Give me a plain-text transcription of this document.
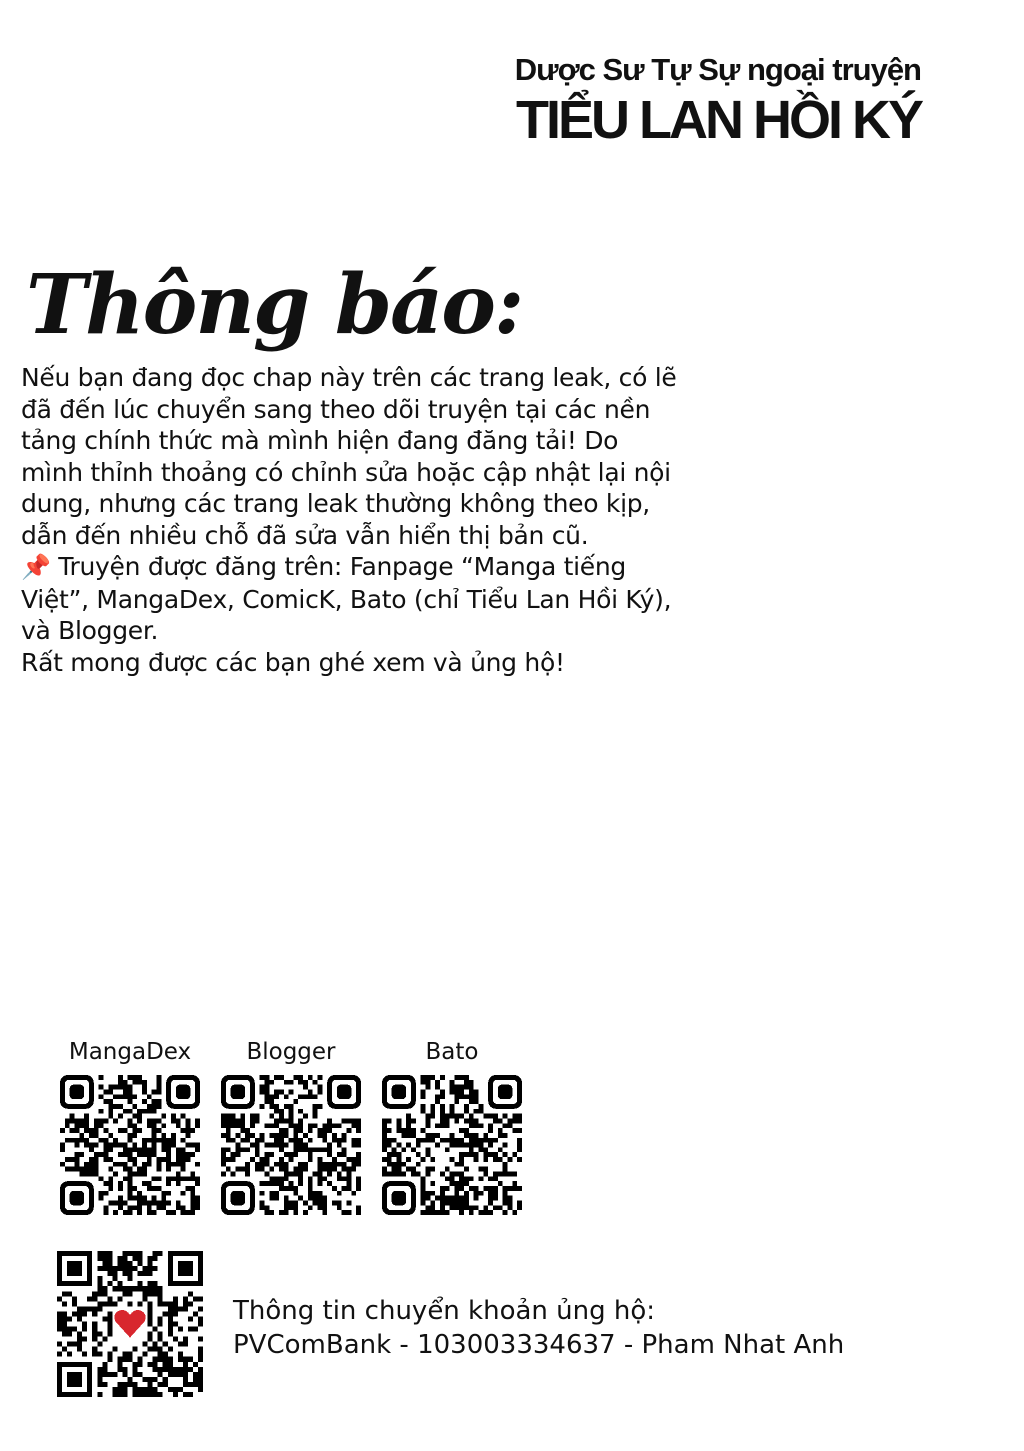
Dược Sư Tự Sự ngoại truyện
TIỂU LAN HỒI KÝ
Thông báo:

Nếu bạn đang đọc chap này trên các trang leak, có lẽ đã đến lúc chuyển sang theo dõi truyện tại các nền tảng chính thức mà mình hiện đang đăng tải! Do mình thỉnh thoảng có chỉnh sửa hoặc cập nhật lại nội dung, nhưng các trang leak thường không theo kịp, dẫn đến nhiều chỗ đã sửa vẫn hiển thị bản cũ.

📌 Truyện được đăng trên: Fanpage “Manga tiếng Việt”, MangaDex, ComicK, Bato (chỉ Tiểu Lan Hồi Ký), và Blogger.

Rất mong được các bạn ghé xem và ủng hộ!

MangaDex	Blogger	Bato
Thông tin chuyển khoản ủng hộ:
PVComBank - 103003334637 - Pham Nhat Anh
